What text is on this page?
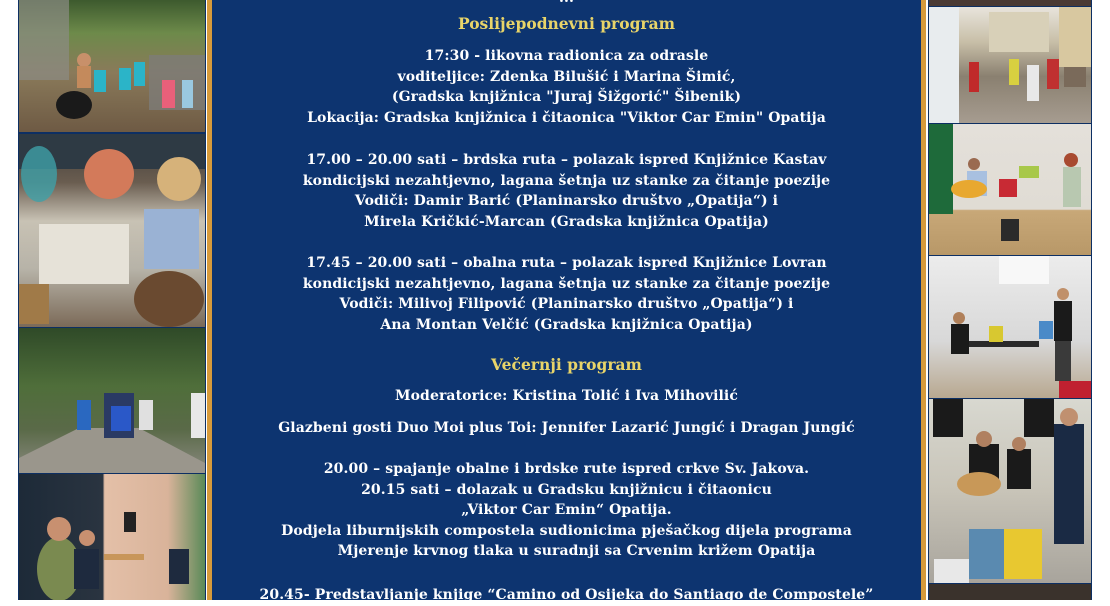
Poslijepodnevni program
17:30 - likovna radionica za odrasle
voditeljice: Zdenka Bilušić i Marina Šimić,
(Gradska knjižnica "Juraj Šižgorić" Šibenik)
Lokacija: Gradska knjižnica i čitaonica "Viktor Car Emin" Opatija
17.00 – 20.00 sati – brdska ruta – polazak ispred Knjižnice Kastav
kondicijski nezahtjevno, lagana šetnja uz stanke za čitanje poezije
Vodiči: Damir Barić (Planinarsko društvo „Opatija“) i
Mirela Kričkić-Marcan (Gradska knjižnica Opatija)
17.45 – 20.00 sati – obalna ruta – polazak ispred Knjižnice Lovran
kondicijski nezahtjevno, lagana šetnja uz stanke za čitanje poezije
Vodiči: Milivoj Filipović (Planinarsko društvo „Opatija“) i
Ana Montan Velčić (Gradska knjižnica Opatija)
Večernji program
Moderatorice: Kristina Tolić i Iva Mihovilić
Glazbeni gosti Duo Moi plus Toi: Jennifer Lazarić Jungić i Dragan Jungić
20.00 – spajanje obalne i brdske rute ispred crkve Sv. Jakova.
20.15 sati – dolazak u Gradsku knjižnicu i čitaonicu
„Viktor Car Emin“ Opatija.
Dodjela liburnijskih compostela sudionicima pješačkog dijela programa
Mjerenje krvnog tlaka u suradnji sa Crvenim križem Opatija
20.45- Predstavljanje knjige “Camino od Osijeka do Santiago de Compostele”
